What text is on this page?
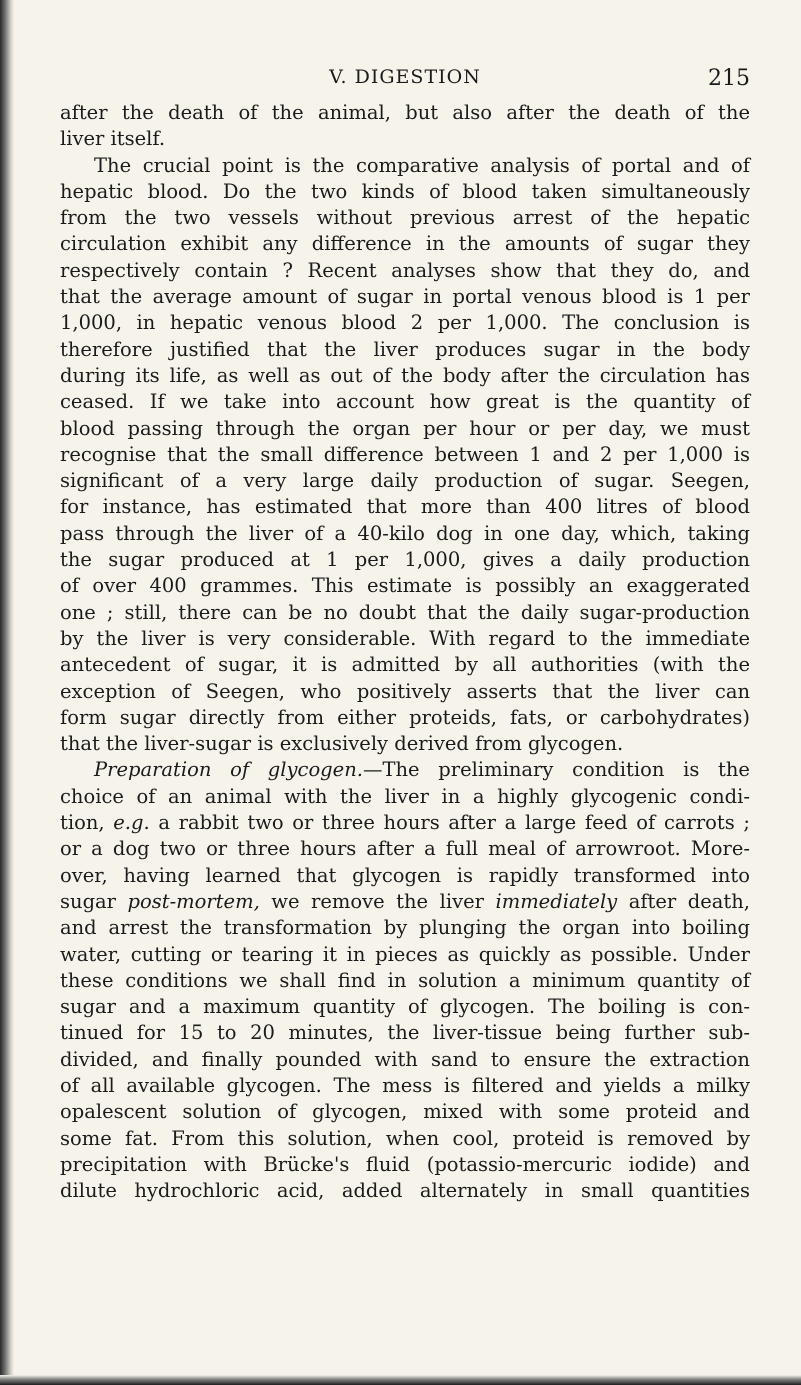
V. DIGESTION	215
after the death of the animal, but also after the death of the
liver itself.
The crucial point is the comparative analysis of portal and of
hepatic blood. Do the two kinds of blood taken simultaneously
from the two vessels without previous arrest of the hepatic
circulation exhibit any difference in the amounts of sugar they
respectively contain ? Recent analyses show that they do, and
that the average amount of sugar in portal venous blood is 1 per
1,000, in hepatic venous blood 2 per 1,000. The conclusion is
therefore justified that the liver produces sugar in the body
during its life, as well as out of the body after the circulation has
ceased. If we take into account how great is the quantity of
blood passing through the organ per hour or per day, we must
recognise that the small difference between 1 and 2 per 1,000 is
significant of a very large daily production of sugar. Seegen,
for instance, has estimated that more than 400 litres of blood
pass through the liver of a 40-kilo dog in one day, which, taking
the sugar produced at 1 per 1,000, gives a daily production
of over 400 grammes. This estimate is possibly an exaggerated
one ; still, there can be no doubt that the daily sugar-production
by the liver is very considerable. With regard to the immediate
antecedent of sugar, it is admitted by all authorities (with the
exception of Seegen, who positively asserts that the liver can
form sugar directly from either proteids, fats, or carbohydrates)
that the liver-sugar is exclusively derived from glycogen.
Preparation of glycogen.—The preliminary condition is the
choice of an animal with the liver in a highly glycogenic condi-
tion, e.g. a rabbit two or three hours after a large feed of carrots ;
or a dog two or three hours after a full meal of arrowroot. More-
over, having learned that glycogen is rapidly transformed into
sugar post-mortem, we remove the liver immediately after death,
and arrest the transformation by plunging the organ into boiling
water, cutting or tearing it in pieces as quickly as possible. Under
these conditions we shall find in solution a minimum quantity of
sugar and a maximum quantity of glycogen. The boiling is con-
tinued for 15 to 20 minutes, the liver-tissue being further sub-
divided, and finally pounded with sand to ensure the extraction
of all available glycogen. The mess is filtered and yields a milky
opalescent solution of glycogen, mixed with some proteid and
some fat. From this solution, when cool, proteid is removed by
precipitation with Brücke's fluid (potassio-mercuric iodide) and
dilute hydrochloric acid, added alternately in small quantities
